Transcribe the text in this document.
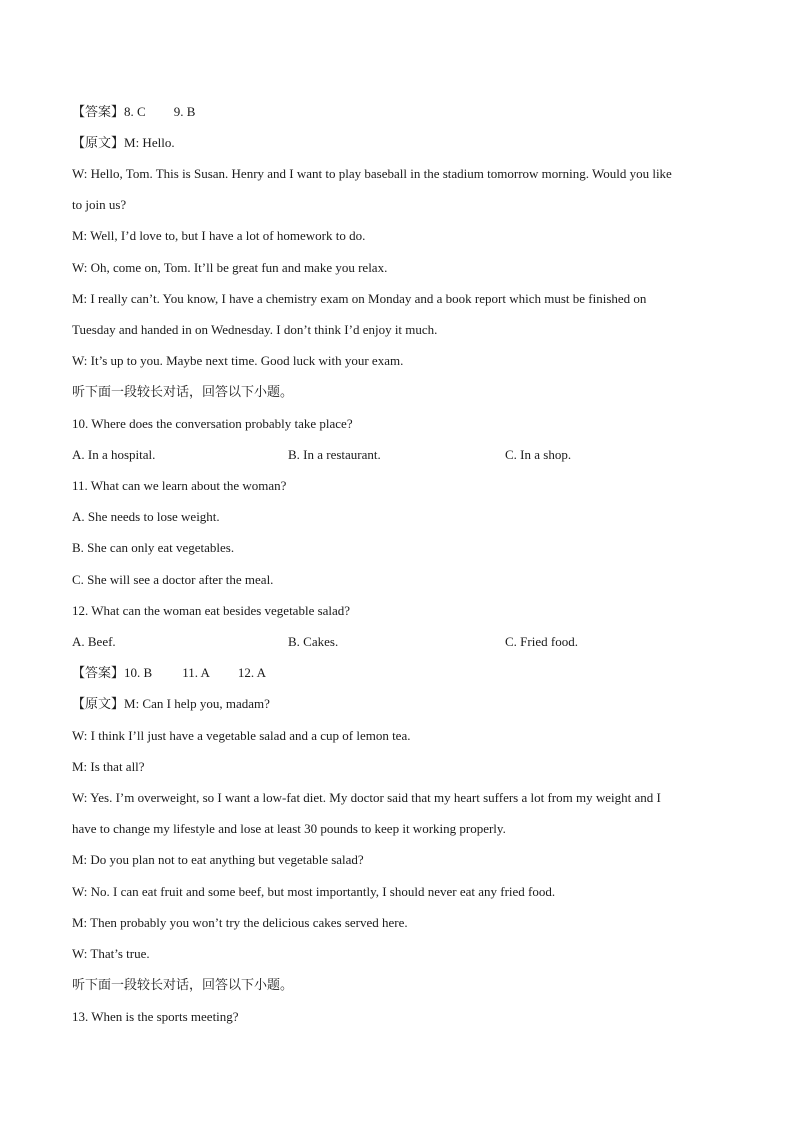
【答案】8. C 9. B
【原文】M: Hello.
W: Hello, Tom. This is Susan. Henry and I want to play baseball in the stadium tomorrow morning. Would you like
to join us?
M: Well, I’d love to, but I have a lot of homework to do.
W: Oh, come on, Tom. It’ll be great fun and make you relax.
M: I really can’t. You know, I have a chemistry exam on Monday and a book report which must be finished on
Tuesday and handed in on Wednesday. I don’t think I’d enjoy it much.
W: It’s up to you. Maybe next time. Good luck with your exam.
听下面一段较长对话，回答以下小题。
10. Where does the conversation probably take place?
A. In a hospital.	B. In a restaurant.	C. In a shop.
11. What can we learn about the woman?
A. She needs to lose weight.
B. She can only eat vegetables.
C. She will see a doctor after the meal.
12. What can the woman eat besides vegetable salad?
A. Beef.	B. Cakes.	C. Fried food.
【答案】10. B 11. A 12. A
【原文】M: Can I help you, madam?
W: I think I’ll just have a vegetable salad and a cup of lemon tea.
M: Is that all?
W: Yes. I’m overweight, so I want a low-fat diet. My doctor said that my heart suffers a lot from my weight and I
have to change my lifestyle and lose at least 30 pounds to keep it working properly.
M: Do you plan not to eat anything but vegetable salad?
W: No. I can eat fruit and some beef, but most importantly, I should never eat any fried food.
M: Then probably you won’t try the delicious cakes served here.
W: That’s true.
听下面一段较长对话，回答以下小题。
13. When is the sports meeting?
